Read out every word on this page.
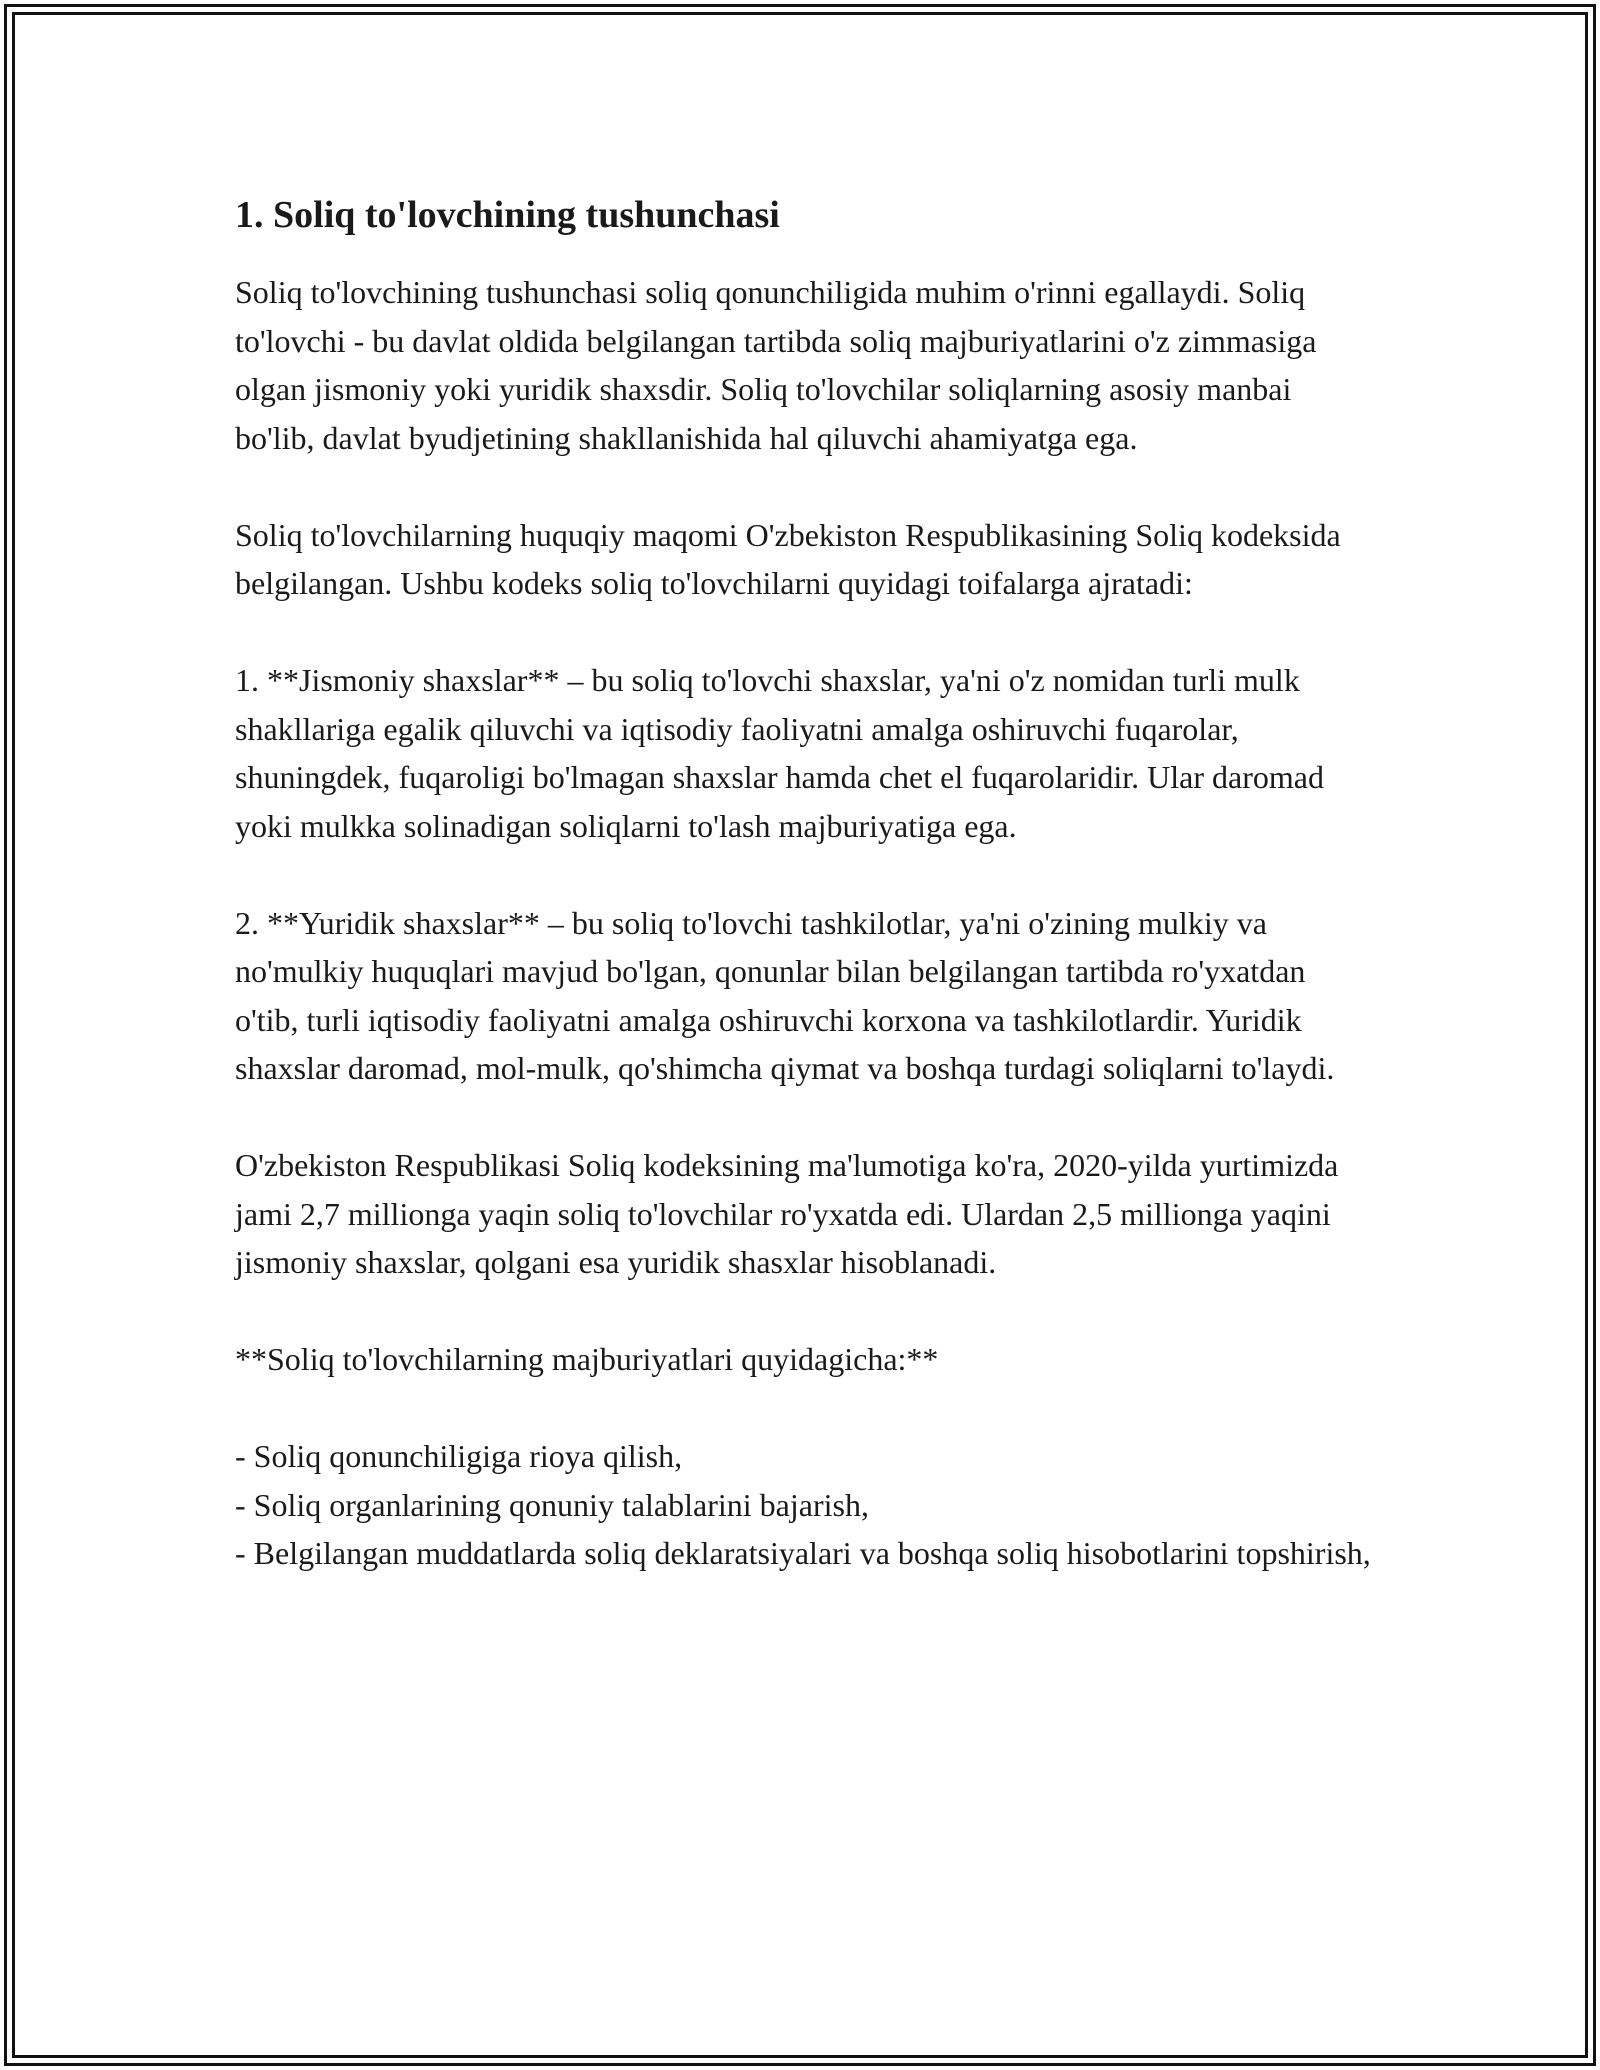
1. Soliq to'lovchining tushunchasi

Soliq to'lovchining tushunchasi soliq qonunchiligida muhim o'rinni egallaydi. Soliq to'lovchi - bu davlat oldida belgilangan tartibda soliq majburiyatlarini o'z zimmasiga olgan jismoniy yoki yuridik shaxsdir. Soliq to'lovchilar soliqlarning asosiy manbai bo'lib, davlat byudjetining shakllanishida hal qiluvchi ahamiyatga ega.

Soliq to'lovchilarning huquqiy maqomi O'zbekiston Respublikasining Soliq kodeksida belgilangan. Ushbu kodeks soliq to'lovchilarni quyidagi toifalarga ajratadi:

1. **Jismoniy shaxslar** – bu soliq to'lovchi shaxslar, ya'ni o'z nomidan turli mulk shakllariga egalik qiluvchi va iqtisodiy faoliyatni amalga oshiruvchi fuqarolar, shuningdek, fuqaroligi bo'lmagan shaxslar hamda chet el fuqarolaridir. Ular daromad yoki mulkka solinadigan soliqlarni to'lash majburiyatiga ega.

2. **Yuridik shaxslar** – bu soliq to'lovchi tashkilotlar, ya'ni o'zining mulkiy va no'mulkiy huquqlari mavjud bo'lgan, qonunlar bilan belgilangan tartibda ro'yxatdan o'tib, turli iqtisodiy faoliyatni amalga oshiruvchi korxona va tashkilotlardir. Yuridik shaxslar daromad, mol-mulk, qo'shimcha qiymat va boshqa turdagi soliqlarni to'laydi.

O'zbekiston Respublikasi Soliq kodeksining ma'lumotiga ko'ra, 2020-yilda yurtimizda jami 2,7 millionga yaqin soliq to'lovchilar ro'yxatda edi. Ulardan 2,5 millionga yaqini jismoniy shaxslar, qolgani esa yuridik shasxlar hisoblanadi.

**Soliq to'lovchilarning majburiyatlari quyidagicha:**

- Soliq qonunchiligiga rioya qilish,
- Soliq organlarining qonuniy talablarini bajarish,
- Belgilangan muddatlarda soliq deklaratsiyalari va boshqa soliq hisobotlarini topshirish,
